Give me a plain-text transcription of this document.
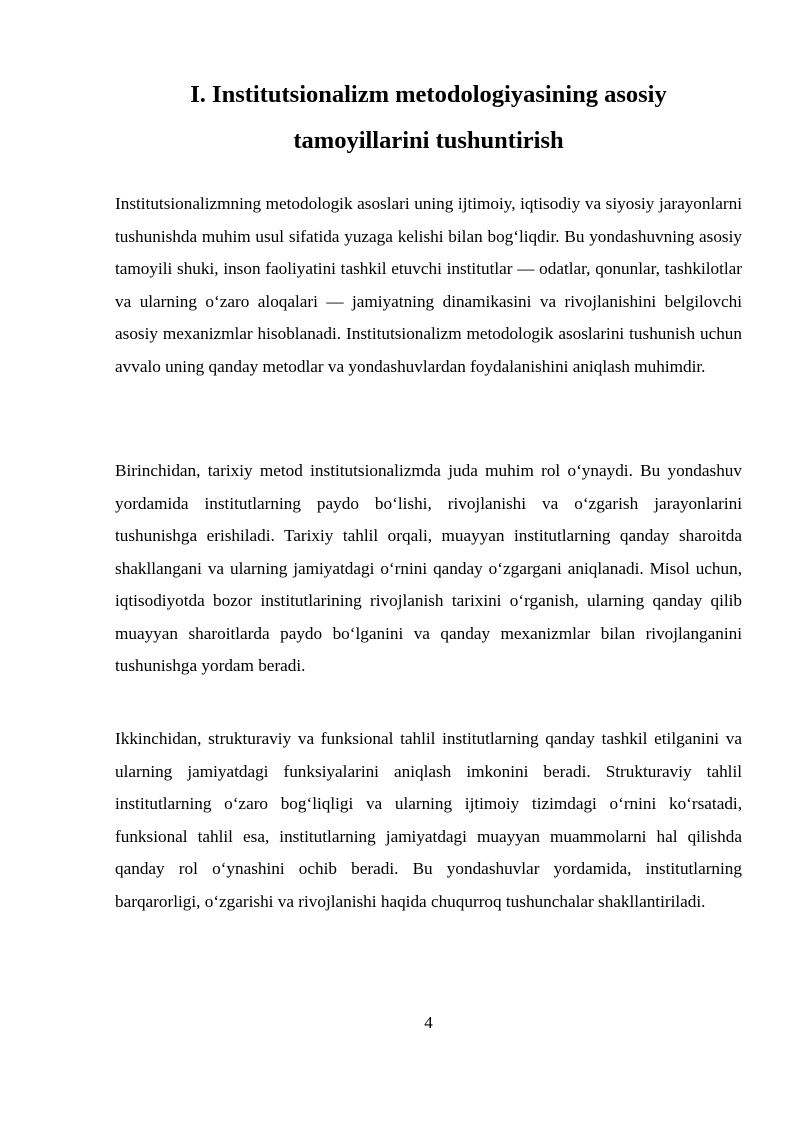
I. Institutsionalizm metodologiyasining asosiy
tamoyillarini tushuntirish

Institutsionalizmning metodologik asoslari uning ijtimoiy, iqtisodiy va siyosiy jarayonlarni tushunishda muhim usul sifatida yuzaga kelishi bilan bog‘liqdir. Bu yondashuvning asosiy tamoyili shuki, inson faoliyatini tashkil etuvchi institutlar — odatlar, qonunlar, tashkilotlar va ularning o‘zaro aloqalari — jamiyatning dinamikasini va rivojlanishini belgilovchi asosiy mexanizmlar hisoblanadi. Institutsionalizm metodologik asoslarini tushunish uchun avvalo uning qanday metodlar va yondashuvlardan foydalanishini aniqlash muhimdir.

Birinchidan, tarixiy metod institutsionalizmda juda muhim rol o‘ynaydi. Bu yondashuv yordamida institutlarning paydo bo‘lishi, rivojlanishi va o‘zgarish jarayonlarini tushunishga erishiladi. Tarixiy tahlil orqali, muayyan institutlarning qanday sharoitda shakllangani va ularning jamiyatdagi o‘rnini qanday o‘zgargani aniqlanadi. Misol uchun, iqtisodiyotda bozor institutlarining rivojlanish tarixini o‘rganish, ularning qanday qilib muayyan sharoitlarda paydo bo‘lganini va qanday mexanizmlar bilan rivojlanganini tushunishga yordam beradi.

Ikkinchidan, strukturaviy va funksional tahlil institutlarning qanday tashkil etilganini va ularning jamiyatdagi funksiyalarini aniqlash imkonini beradi. Strukturaviy tahlil institutlarning o‘zaro bog‘liqligi va ularning ijtimoiy tizimdagi o‘rnini ko‘rsatadi, funksional tahlil esa, institutlarning jamiyatdagi muayyan muammolarni hal qilishda qanday rol o‘ynashini ochib beradi. Bu yondashuvlar yordamida, institutlarning barqarorligi, o‘zgarishi va rivojlanishi haqida chuqurroq tushunchalar shakllantiriladi.

4
